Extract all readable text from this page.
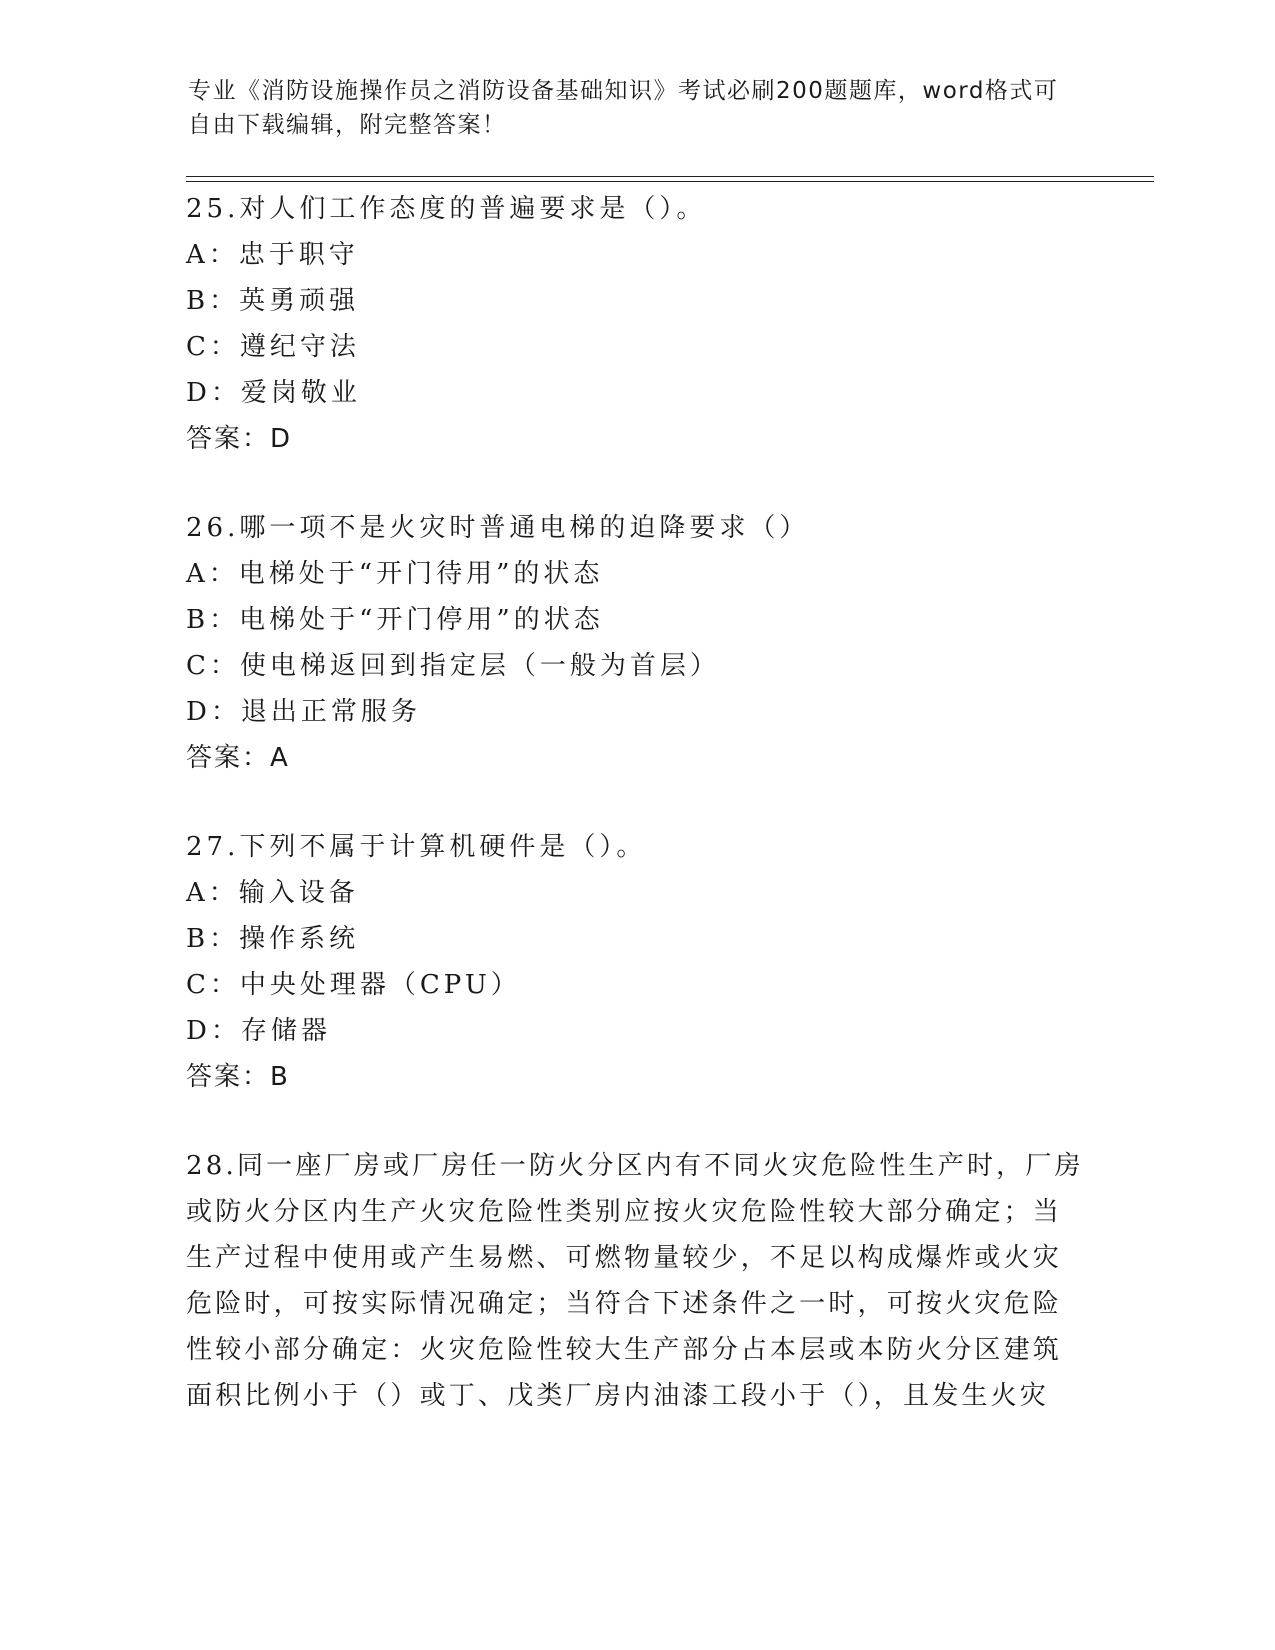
专业《消防设施操作员之消防设备基础知识》考试必刷200题题库，word格式可
自由下载编辑，附完整答案！
25.对人们工作态度的普遍要求是（）。
A：忠于职守
B：英勇顽强
C：遵纪守法
D：爱岗敬业
答案：D
26.哪一项不是火灾时普通电梯的迫降要求（）
A：电梯处于“开门待用”的状态
B：电梯处于“开门停用”的状态
C：使电梯返回到指定层（一般为首层）
D：退出正常服务
答案：A
27.下列不属于计算机硬件是（）。
A：输入设备
B：操作系统
C：中央处理器（CPU）
D：存储器
答案：B
28.同一座厂房或厂房任一防火分区内有不同火灾危险性生产时，厂房
或防火分区内生产火灾危险性类别应按火灾危险性较大部分确定；当
生产过程中使用或产生易燃、可燃物量较少，不足以构成爆炸或火灾
危险时，可按实际情况确定；当符合下述条件之一时，可按火灾危险
性较小部分确定：火灾危险性较大生产部分占本层或本防火分区建筑
面积比例小于（）或丁、戊类厂房内油漆工段小于（），且发生火灾
